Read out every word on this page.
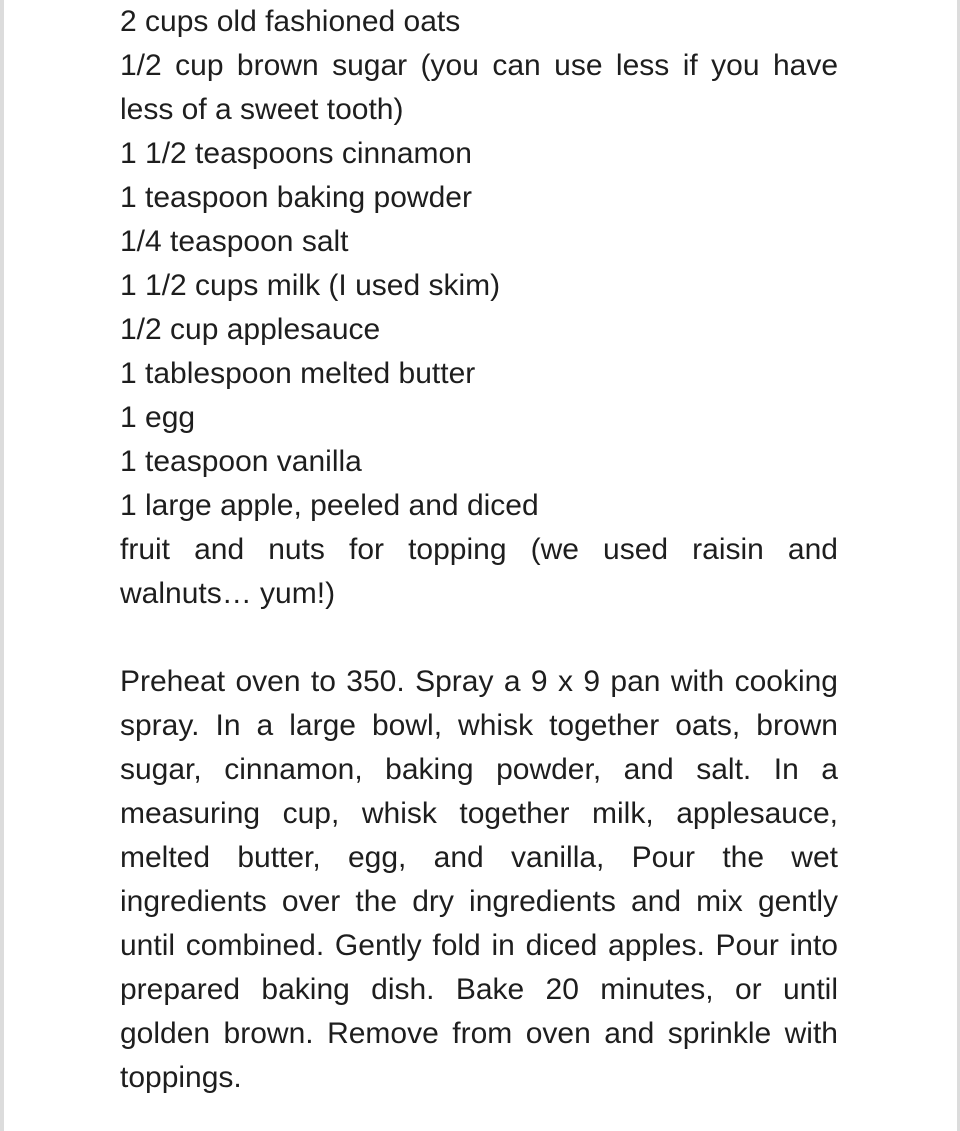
2 cups old fashioned oats
1/2 cup brown sugar (you can use less if you have less of a sweet tooth)
1 1/2 teaspoons cinnamon
1 teaspoon baking powder
1/4 teaspoon salt
1 1/2 cups milk (I used skim)
1/2 cup applesauce
1 tablespoon melted butter
1 egg
1 teaspoon vanilla
1 large apple, peeled and diced
fruit and nuts for topping (we used raisin and walnuts… yum!)

Preheat oven to 350. Spray a 9 x 9 pan with cooking spray. In a large bowl, whisk together oats, brown sugar, cinnamon, baking powder, and salt. In a measuring cup, whisk together milk, applesauce, melted butter, egg, and vanilla, Pour the wet ingredients over the dry ingredients and mix gently until combined. Gently fold in diced apples. Pour into prepared baking dish. Bake 20 minutes, or until golden brown. Remove from oven and sprinkle with toppings.
